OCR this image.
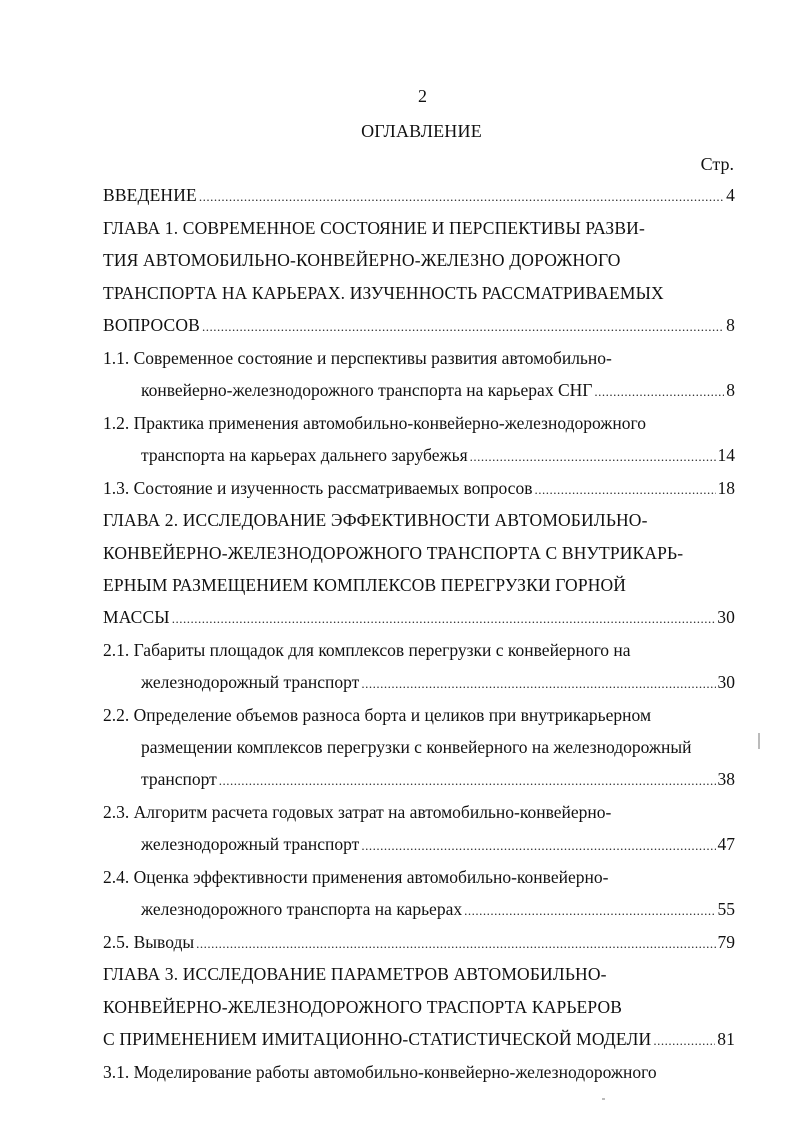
2
ОГЛАВЛЕНИЕ
Стр.
ВВЕДЕНИЕ .....	4
ГЛАВА 1. СОВРЕМЕННОЕ СОСТОЯНИЕ И ПЕРСПЕКТИВЫ РАЗВИ-
ТИЯ АВТОМОБИЛЬНО-КОНВЕЙЕРНО-ЖЕЛЕЗНО ДОРОЖНОГО
ТРАНСПОРТА НА КАРЬЕРАХ. ИЗУЧЕННОСТЬ РАССМАТРИВАЕМЫХ
ВОПРОСОВ .....	8
1.1. Современное состояние и перспективы развития автомобильно-
конвейерно-железнодорожного транспорта на карьерах СНГ .....	8
1.2. Практика применения автомобильно-конвейерно-железнодорожного
транспорта на карьерах дальнего зарубежья .....	14
1.3. Состояние и изученность рассматриваемых вопросов .....	18
ГЛАВА 2. ИССЛЕДОВАНИЕ ЭФФЕКТИВНОСТИ АВТОМОБИЛЬНО-
КОНВЕЙЕРНО-ЖЕЛЕЗНОДОРОЖНОГО ТРАНСПОРТА С ВНУТРИКАРЬ-
ЕРНЫМ РАЗМЕЩЕНИЕМ КОМПЛЕКСОВ ПЕРЕГРУЗКИ ГОРНОЙ
МАССЫ .....	30
2.1. Габариты площадок для комплексов перегрузки с конвейерного на
железнодорожный транспорт .....	30
2.2. Определение объемов разноса борта и целиков при внутрикарьерном
размещении комплексов перегрузки с конвейерного на железнодорожный
транспорт .....	38
2.3. Алгоритм расчета годовых затрат на автомобильно-конвейерно-
железнодорожный транспорт .....	47
2.4. Оценка эффективности применения автомобильно-конвейерно-
железнодорожного транспорта на карьерах .....	55
2.5. Выводы .....	79
ГЛАВА 3. ИССЛЕДОВАНИЕ ПАРАМЕТРОВ АВТОМОБИЛЬНО-
КОНВЕЙЕРНО-ЖЕЛЕЗНОДОРОЖНОГО ТРАСПОРТА КАРЬЕРОВ
С ПРИМЕНЕНИЕМ ИМИТАЦИОННО-СТАТИСТИЧЕСКОЙ МОДЕЛИ .....	81
3.1. Моделирование работы автомобильно-конвейерно-железнодорожного
